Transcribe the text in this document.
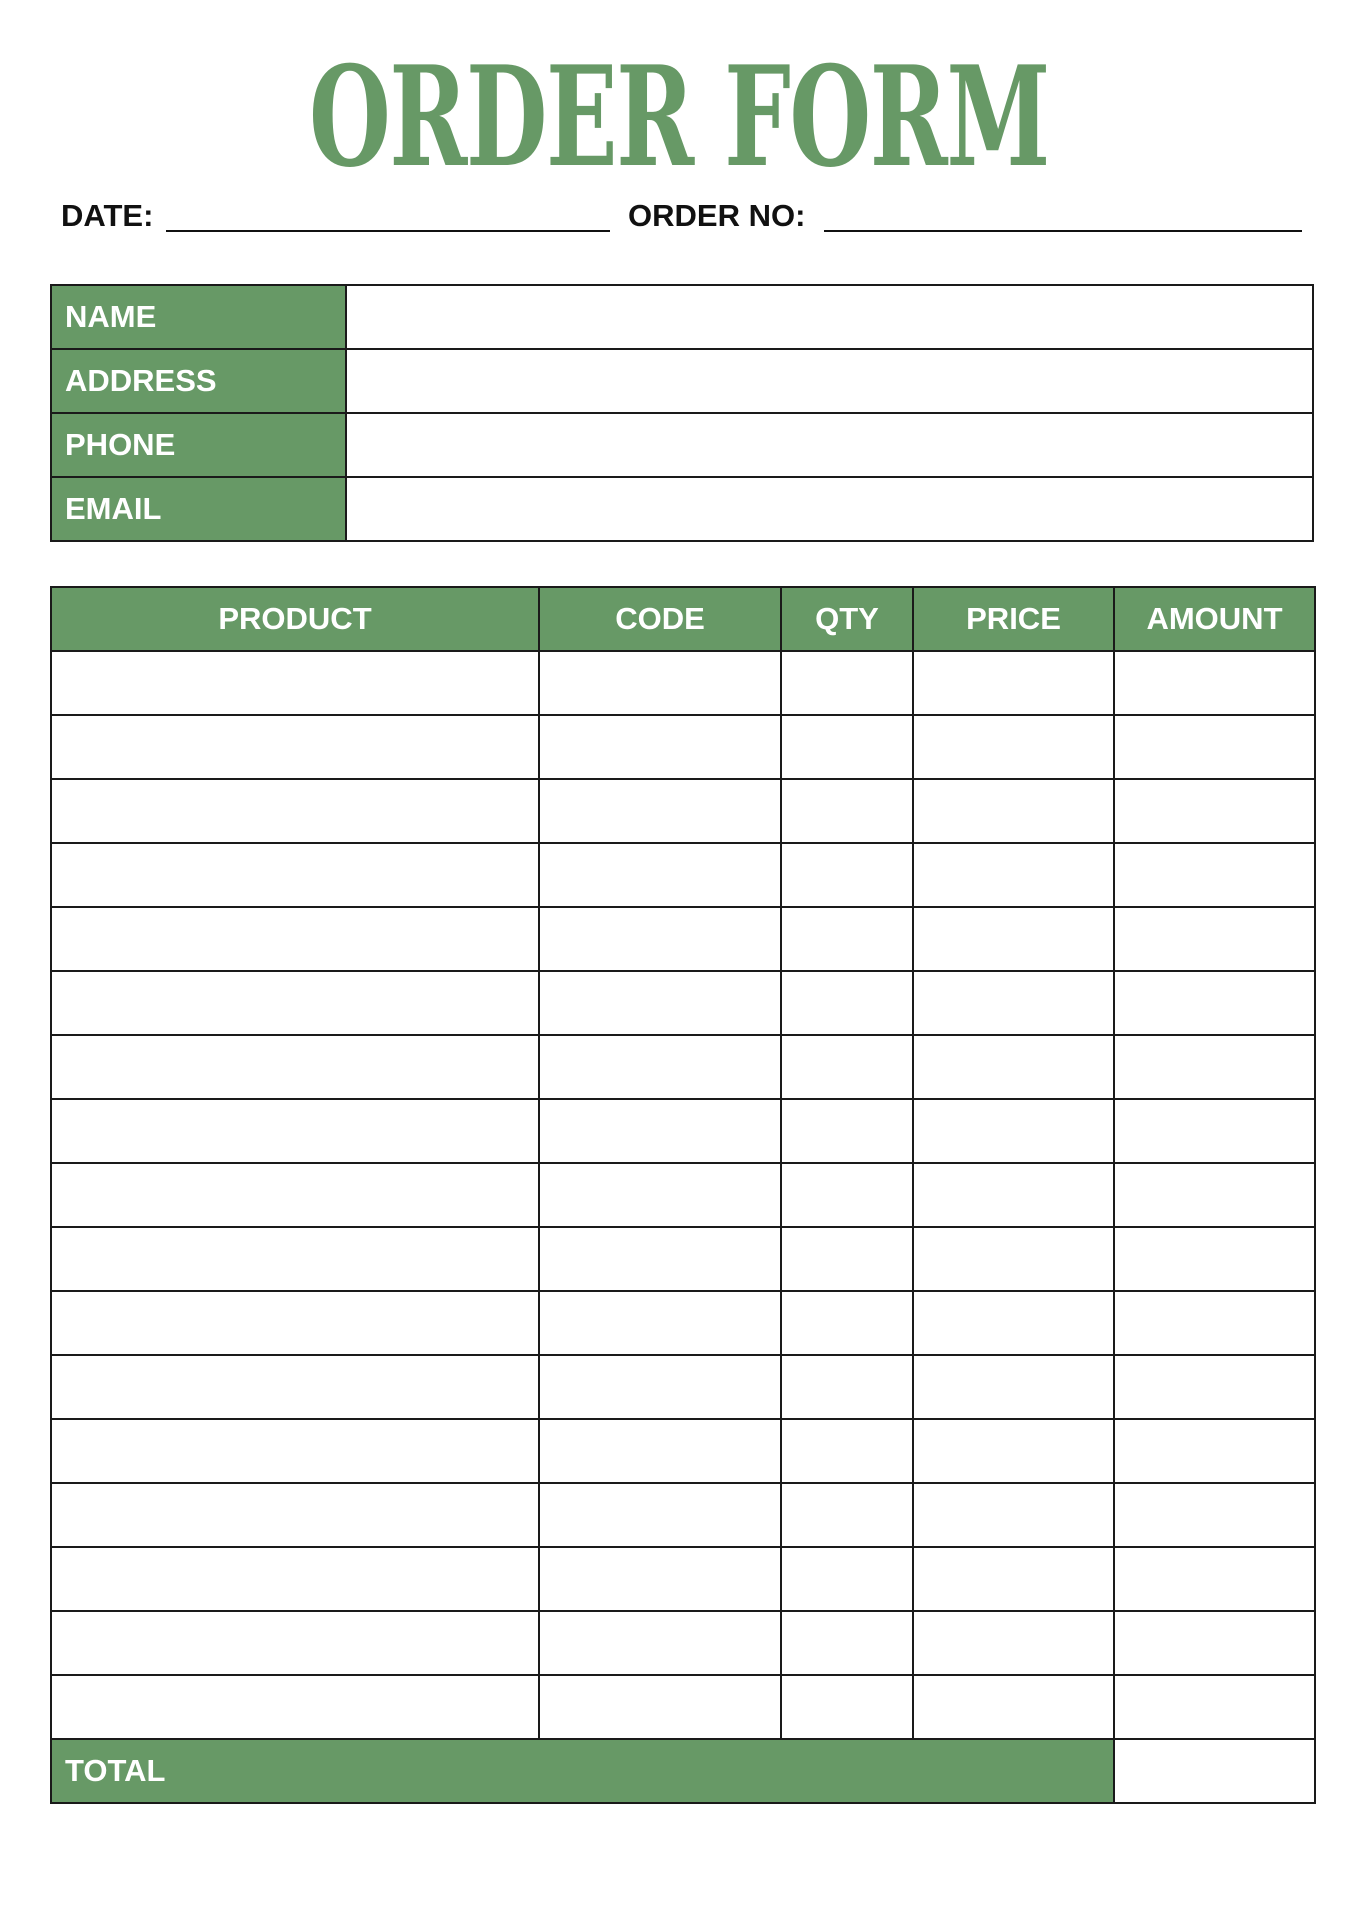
ORDER FORM
DATE:	ORDER NO:
NAME	
ADDRESS	
PHONE	
EMAIL	
PRODUCT	CODE	QTY	PRICE	AMOUNT

TOTAL				
